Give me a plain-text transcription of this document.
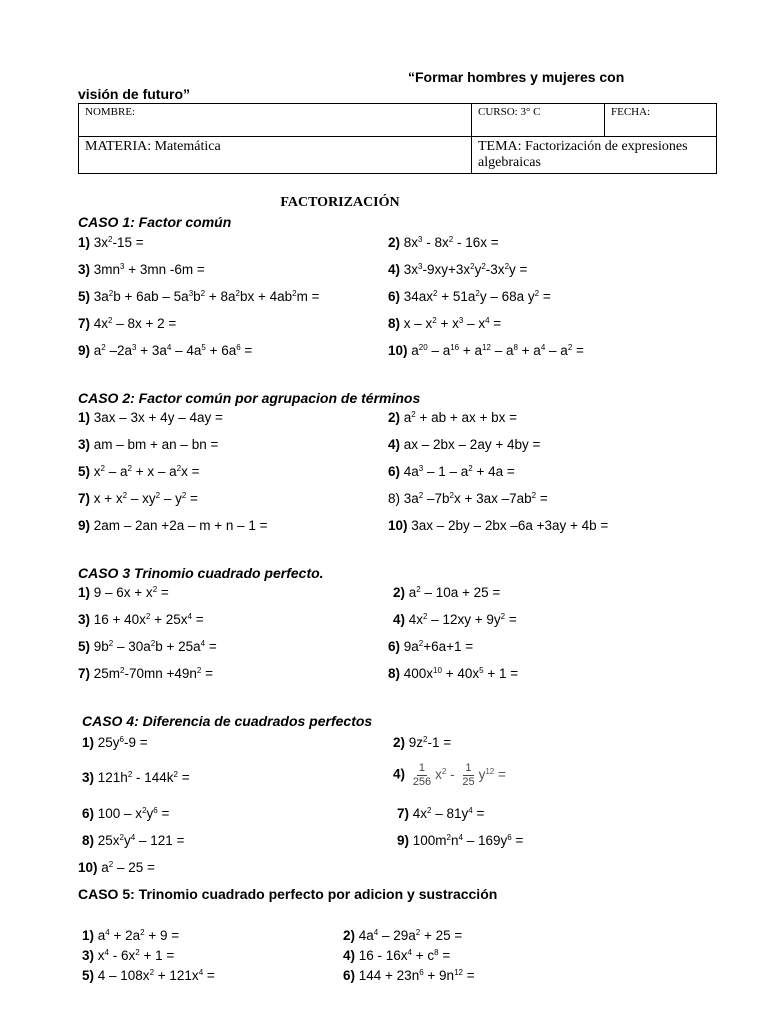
“Formar hombres y mujeres con
visión de futuro”
NOMBRE:	CURSO: 3° C	FECHA:
MATERIA: Matemática	TEMA: Factorización de expresiones algebraicas	
FACTORIZACIÓN
CASO 1: Factor común
CASO 2: Factor común por agrupacion de términos
CASO 3 Trinomio cuadrado perfecto.
CASO 4: Diferencia de cuadrados perfectos
CASO 5: Trinomio cuadrado perfecto por adicion y sustracción
1) $3x^2-15$ =	2) $8x^3 - 8x^2 - 16x$ =
3) $3mn^3 + 3mn$ -6m =	4) $3x^3-9xy+3x^2y^2-3x^2y$ =
5) $3a^2b + 6ab - 5a^3b^2 + 8a^2bx + 4ab^2m$ =	6) $34ax^2 + 51a^2y - 68a$ $y^2$ =
7) $4x^2 - 8x + 2$ =	8) $x - x^2 + x^3 - x^4$ =
9) $a^2$ $-2a^3 + 3a^4 - 4a^5 + 6a^6$ =	10) $a^{20} - a^{16} + a^{12} - a^8 + a^4 - a^2$ =
1) 3ax – 3x + 4y – 4ay =	2) $a^2$ + ab + ax + bx =
3) am – bm + an – bn =	4) ax – 2bx – 2ay + 4by =
5) $x^2 - a^2 + x - a^2x$ =	6) $4a^3 - 1 - a^2 + 4a$ =
7) $x + x^2 - xy^2 - y^2$ =	8) $3a^2$ $-7b^2x + 3ax$ $-7ab^2$ =
9) 2am – 2an +2a – m + n – 1 =	10) 3ax – 2by – 2bx –6a +3ay + 4b =
1) $9 - 6x + x^2$ =	2) $a^2 - 10a + 25$ =
3) $16 + 40x^2 + 25x^4$ =	4) $4x^2 - 12xy + 9y^2$ =
5) $9b^2 - 30a^2b + 25a^4$ =	6) $9a^2+6a+1$ =
7) $25m^2-70mn +49n^2$ =	8) $400x^{10} + 40x^5 + 1$ =
1) $25y^6-9$ =	2) $9z^2-1$ =
3) $121h^2 - 144k^2$ =	$4) \frac{1}{256} x^2 - \frac{1}{25} y^{12}$ =
6) $100 - x^2y^6$ =	7) $4x^2 - 81y^4$ =
8) $25x^2y^4 - 121$ =	9) $100m^2n^4 - 169y^6$ =
10) $a^2 - 25$ =
1) $a^4 + 2a^2 + 9$ =	2) $4a^4 - 29a^2 + 25$ =
3) $x^4 - 6x^2 + 1$ =	4) $16 - 16x^4 + c^8$ =
5) $4 - 108x^2 + 121x^4$ =	6) $144 + 23n^6 + 9n^{12}$ =
